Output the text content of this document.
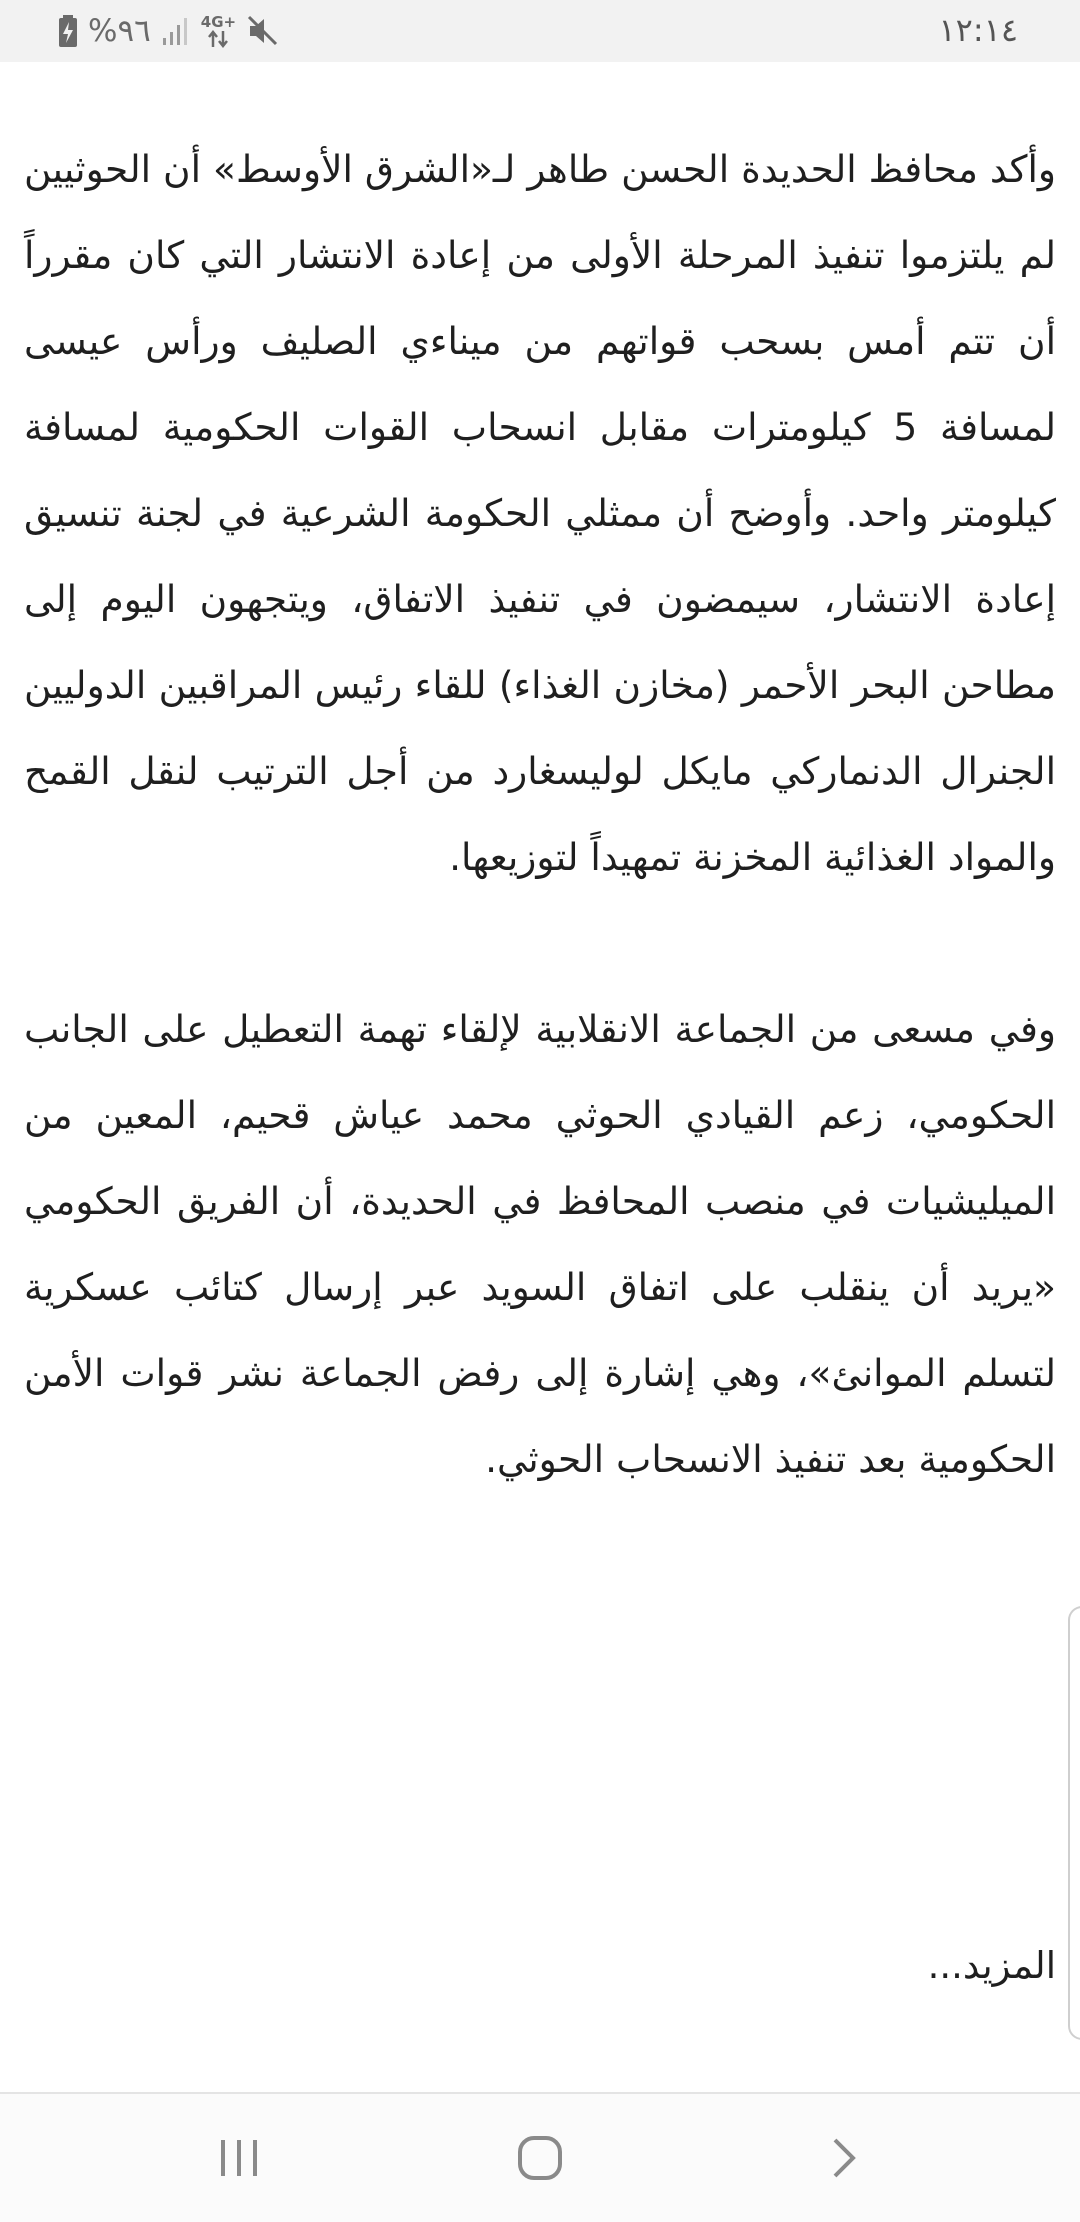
%٩٦	4G+	١٢:١٤

وأكد محافظ الحديدة الحسن طاهر لـ«الشرق الأوسط» أن الحوثيين لم يلتزموا تنفيذ المرحلة الأولى من إعادة الانتشار التي كان مقرراً أن تتم أمس بسحب قواتهم من ميناءي الصليف ورأس عيسى لمسافة 5 كيلومترات مقابل انسحاب القوات الحكومية لمسافة كيلومتر واحد. وأوضح أن ممثلي الحكومة الشرعية في لجنة تنسيق إعادة الانتشار، سيمضون في تنفيذ الاتفاق، ويتجهون اليوم إلى مطاحن البحر الأحمر (مخازن الغذاء) للقاء رئيس المراقبين الدوليين الجنرال الدنماركي مايكل لوليسغارد من أجل الترتيب لنقل القمح والمواد الغذائية المخزنة تمهيداً لتوزيعها.

وفي مسعى من الجماعة الانقلابية لإلقاء تهمة التعطيل على الجانب الحكومي، زعم القيادي الحوثي محمد عياش قحيم، المعين من الميليشيات في منصب المحافظ في الحديدة، أن الفريق الحكومي «يريد أن ينقلب على اتفاق السويد عبر إرسال كتائب عسكرية لتسلم الموانئ»، وهي إشارة إلى رفض الجماعة نشر قوات الأمن الحكومية بعد تنفيذ الانسحاب الحوثي.

المزيد...
